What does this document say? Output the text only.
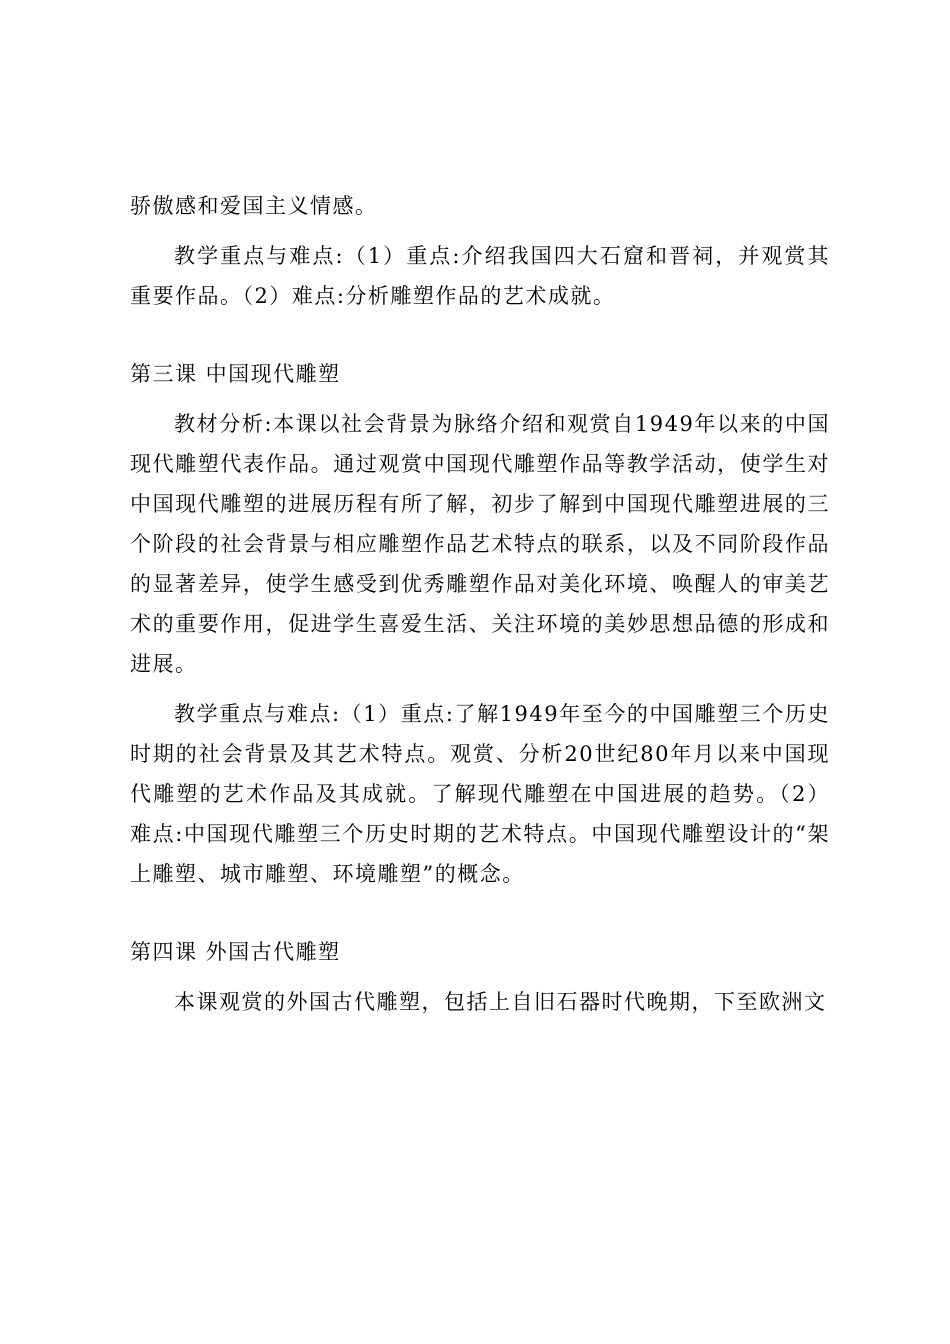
骄傲感和爱国主义情感。

教学重点与难点:（1）重点:介绍我国四大石窟和晋祠，并观赏其重要作品。（2）难点:分析雕塑作品的艺术成就。

第三课 中国现代雕塑

教材分析:本课以社会背景为脉络介绍和观赏自1949年以来的中国现代雕塑代表作品。通过观赏中国现代雕塑作品等教学活动，使学生对中国现代雕塑的进展历程有所了解，初步了解到中国现代雕塑进展的三个阶段的社会背景与相应雕塑作品艺术特点的联系，以及不同阶段作品的显著差异，使学生感受到优秀雕塑作品对美化环境、唤醒人的审美艺术的重要作用，促进学生喜爱生活、关注环境的美妙思想品德的形成和进展。

教学重点与难点:（1）重点:了解1949年至今的中国雕塑三个历史时期的社会背景及其艺术特点。观赏、分析20世纪80年月以来中国现代雕塑的艺术作品及其成就。了解现代雕塑在中国进展的趋势。（2）难点:中国现代雕塑三个历史时期的艺术特点。中国现代雕塑设计的“架上雕塑、城市雕塑、环境雕塑”的概念。

第四课 外国古代雕塑

本课观赏的外国古代雕塑，包括上自旧石器时代晚期，下至欧洲文
